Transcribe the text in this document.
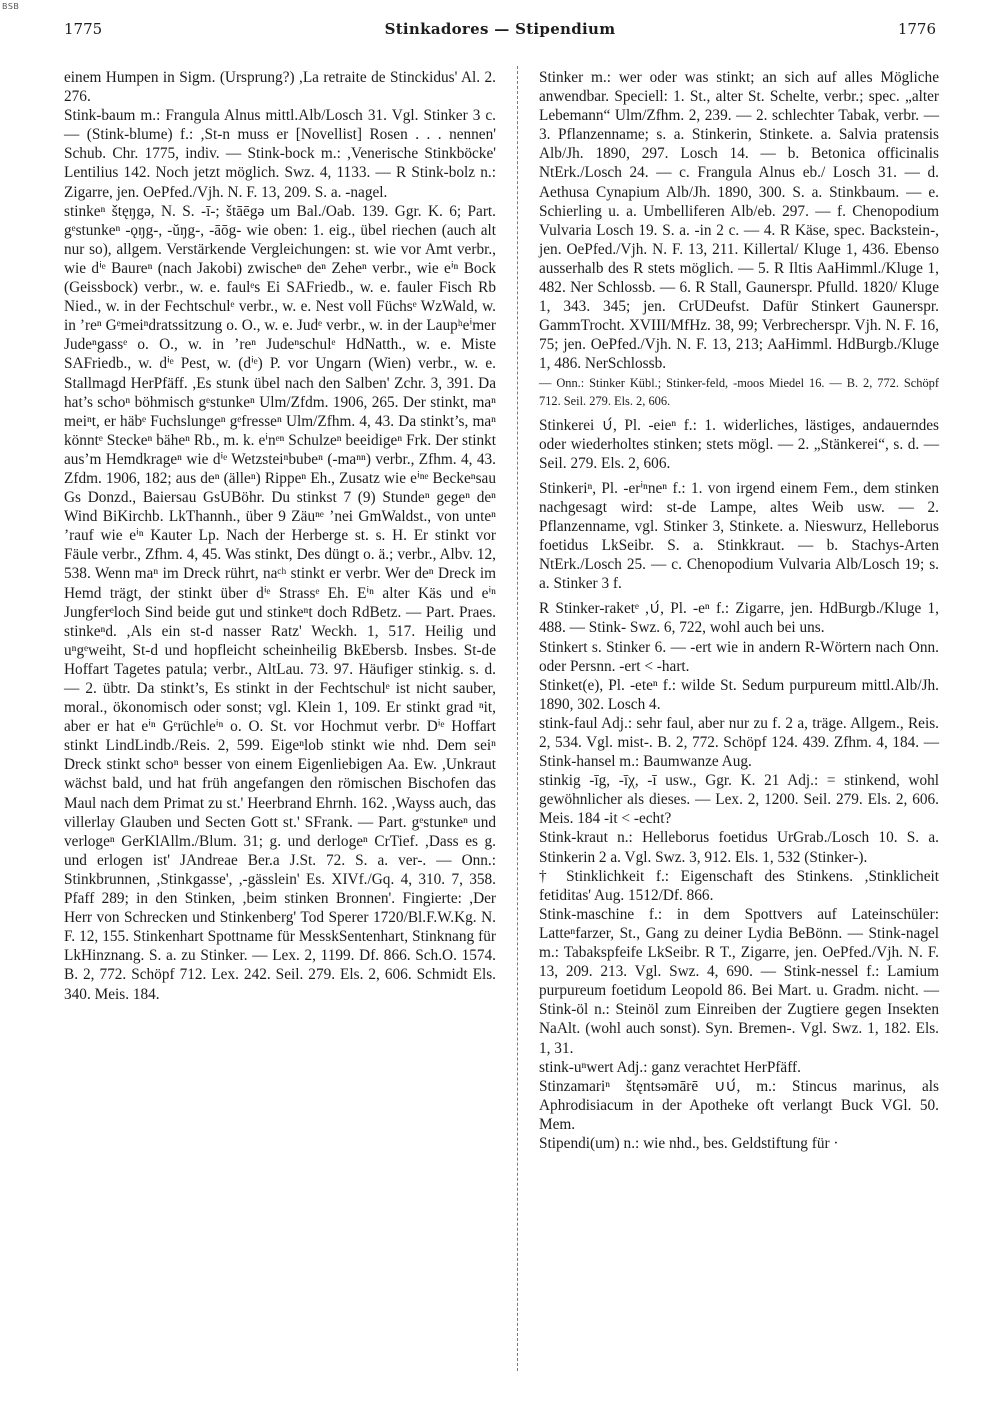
BSB
1775	Stinkadores — Stipendium	1776

einem Humpen in Sigm. (Ursprung?) ,La retraite de Stinckidus' Al. 2. 276.

Stink-baum m.: Frangula Alnus mittl.Alb/Losch 31. Vgl. Stinker 3 c. — (Stink-blume) f.: ,St-n muss er [Novellist] Rosen . . . nennen' Schub. Chr. 1775, indiv. — Stink-bock m.: ,Venerische Stinkböcke' Lentilius 142. Noch jetzt möglich. Swz. 4, 1133. — R Stink-bolz n.: Zigarre, jen. OePfed./Vjh. N. F. 13, 209. S. a. -nagel.

stinkeⁿ štęŋgə, N. S. -ī-; štāēgə um Bal./Oab. 139. Ggr. K. 6; Part. gᵉstunkeⁿ -ǫŋg-, -ŭŋg-, -āōg- wie oben: 1. eig., übel riechen (auch alt nur so), allgem. Verstärkende Vergleichungen: st. wie vor Amt verbr., wie dⁱᵉ Baureⁿ (nach Jakobi) zwischeⁿ deⁿ Zeheⁿ verbr., wie eⁱⁿ Bock (Geissbock) verbr., w. e. faulᵉs Ei SAFriedb., w. e. fauler Fisch Rb Nied., w. in der Fechtschulᵉ verbr., w. e. Nest voll Füchsᵉ WzWald, w. in ’reⁿ Gᵉmeiⁿdratssitzung o. O., w. e. Judᵉ verbr., w. in der Laupʰeⁱmer Judeⁿgassᵉ o. O., w. in ’reⁿ Judeⁿschulᵉ HdNatth., w. e. Miste SAFriedb., w. dⁱᵉ Pest, w. (dⁱᵉ) P. vor Ungarn (Wien) verbr., w. e. Stallmagd HerPfäff. ,Es stunk übel nach den Salben' Zchr. 3, 391. Da hat’s schoⁿ böhmisch gᵉstunkeⁿ Ulm/Zfdm. 1906, 265. Der stinkt, maⁿ meiⁿt, er häbᵉ Fuchslungeⁿ gᵉfresseⁿ Ulm/Zfhm. 4, 43. Da stinkt’s, maⁿ könntᵉ Steckeⁿ bäheⁿ Rb., m. k. eⁱnᵉⁿ Schulzeⁿ beeidigeⁿ Frk. Der stinkt aus’m Hemdkrageⁿ wie dⁱᵉ Wetzsteiⁿbubeⁿ (-maⁿⁿ) verbr., Zfhm. 4, 43. Zfdm. 1906, 182; aus deⁿ (älleⁿ) Rippeⁿ Eh., Zusatz wie eⁱⁿᵉ Beckeⁿsau Gs Donzd., Baiersau GsUBöhr. Du stinkst 7 (9) Stundeⁿ gegeⁿ deⁿ Wind BiKirchb. LkThannh., über 9 Zäuⁿᵉ ’nei GmWaldst., von unteⁿ ’rauf wie eⁱⁿ Kauter Lp. Nach der Herberge st. s. H. Er stinkt vor Fäule verbr., Zfhm. 4, 45. Was stinkt, Des düngt o. ä.; verbr., Albv. 12, 538. Wenn maⁿ im Dreck rührt, naᶜʰ stinkt er verbr. Wer deⁿ Dreck im Hemd trägt, der stinkt über dⁱᵉ Strassᵉ Eh. Eⁱⁿ alter Käs und eⁱⁿ Jungferᵉloch Sind beide gut und stinkeⁿt doch RdBetz. — Part. Praes. stinkeⁿd. ,Als ein st-d nasser Ratz' Weckh. 1, 517. Heilig und uⁿgᵉweiht, St-d und hopfleicht scheinheilig BkEbersb. Insbes. St-de Hoffart Tagetes patula; verbr., AltLau. 73. 97. Häufiger stinkig. s. d. — 2. übtr. Da stinkt’s, Es stinkt in der Fechtschulᵉ ist nicht sauber, moral., ökonomisch oder sonst; vgl. Klein 1, 109. Er stinkt grad ⁿit, aber er hat eⁱⁿ Gᵉrüchleⁱⁿ o. O. St. vor Hochmut verbr. Dⁱᵉ Hoffart stinkt LindLindb./Reis. 2, 599. Eigeⁿlob stinkt wie nhd. Dem seiⁿ Dreck stinkt schoⁿ besser von einem Eigenliebigen Aa. Ew. ,Unkraut wächst bald, und hat früh angefangen den römischen Bischofen das Maul nach dem Primat zu st.' Heerbrand Ehrnh. 162. ,Wayss auch, das villerlay Glauben und Secten Gott st.' SFrank. — Part. gᵉstunkeⁿ und verlogeⁿ GerKlAllm./Blum. 31; g. und derlogeⁿ CrTief. ,Dass es g. und erlogen ist' JAndreae Ber.a J.St. 72. S. a. ver-. — Onn.: Stinkbrunnen, ,Stinkgasse', ,-gässlein' Es. XIVf./Gq. 4, 310. 7, 358. Pfaff 289; in den Stinken, ,beim stinken Bronnen'. Fingierte: ,Der Herr von Schrecken und Stinkenberg' Tod Sperer 1720/Bl.F.W.Kg. N. F. 12, 155. Stinkenhart Spottname für MesskSentenhart, Stinknang für LkHinznang. S. a. zu Stinker. — Lex. 2, 1199. Df. 866. Sch.O. 1574. B. 2, 772. Schöpf 712. Lex. 242. Seil. 279. Els. 2, 606. Schmidt Els. 340. Meis. 184.

Stinker m.: wer oder was stinkt; an sich auf alles Mögliche anwendbar. Speciell: 1. St., alter St. Schelte, verbr.; spec. „alter Lebemann“ Ulm/Zfhm. 2, 239. — 2. schlechter Tabak, verbr. — 3. Pflanzenname; s. a. Stinkerin, Stinkete. a. Salvia pratensis Alb/Jh. 1890, 297. Losch 14. — b. Betonica officinalis NtErk./Losch 24. — c. Frangula Alnus eb./ Losch 31. — d. Aethusa Cynapium Alb/Jh. 1890, 300. S. a. Stinkbaum. — e. Schierling u. a. Umbelliferen Alb/eb. 297. — f. Chenopodium Vulvaria Losch 19. S. a. -in 2 c. — 4. R Käse, spec. Backstein-, jen. OePfed./Vjh. N. F. 13, 211. Killertal/ Kluge 1, 436. Ebenso ausserhalb des R stets möglich. — 5. R Iltis AaHimml./Kluge 1, 482. Ner Schlossb. — 6. R Stall, Gaunerspr. Pfulld. 1820/ Kluge 1, 343. 345; jen. CrUDeufst. Dafür Stinkert Gaunerspr. GammTrocht. XVIII/MfHz. 38, 99; Verbrecherspr. Vjh. N. F. 16, 75; jen. OePfed./Vjh. N. F. 13, 213; AaHimml. HdBurgb./Kluge 1, 486. NerSchlossb.

— Onn.: Stinker Kübl.; Stinker-feld, -moos Miedel 16. — B. 2, 772. Schöpf 712. Seil. 279. Els. 2, 606.

Stinkerei ∪́, Pl. -eieⁿ f.: 1. widerliches, lästiges, andauerndes oder wiederholtes stinken; stets mögl. — 2. „Stänkerei“, s. d. — Seil. 279. Els. 2, 606.

Stinkeriⁿ, Pl. -erⁱⁿneⁿ f.: 1. von irgend einem Fem., dem stinken nachgesagt wird: st-de Lampe, altes Weib usw. — 2. Pflanzenname, vgl. Stinker 3, Stinkete. a. Nieswurz, Helleborus foetidus LkSeibr. S. a. Stinkkraut. — b. Stachys-Arten NtErk./Losch 25. — c. Chenopodium Vulvaria Alb/Losch 19; s. a. Stinker 3 f.

R Stinker-raketᵉ ,∪́, Pl. -eⁿ f.: Zigarre, jen. HdBurgb./Kluge 1, 488. — Stink- Swz. 6, 722, wohl auch bei uns.

Stinkert s. Stinker 6. — -ert wie in andern R-Wörtern nach Onn. oder Persnn. -ert < -hart.

Stinket(e), Pl. -eteⁿ f.: wilde St. Sedum purpureum mittl.Alb/Jh. 1890, 302. Losch 4.

stink-faul Adj.: sehr faul, aber nur zu f. 2 a, träge. Allgem., Reis. 2, 534. Vgl. mist-. B. 2, 772. Schöpf 124. 439. Zfhm. 4, 184. — Stink-hansel m.: Baumwanze Aug.

stinkig -īg, -īχ, -ī usw., Ggr. K. 21 Adj.: = stinkend, wohl gewöhnlicher als dieses. — Lex. 2, 1200. Seil. 279. Els. 2, 606. Meis. 184 -it < -echt?

Stink-kraut n.: Helleborus foetidus UrGrab./Losch 10. S. a. Stinkerin 2 a. Vgl. Swz. 3, 912. Els. 1, 532 (Stinker-).

† Stinklichkeit f.: Eigenschaft des Stinkens. ,Stinklicheit fetiditas' Aug. 1512/Df. 866.

Stink-maschine f.: in dem Spottvers auf Lateinschüler: Latteⁿfarzer, St., Gang zu deiner Lydia BeBönn. — Stink-nagel m.: Tabakspfeife LkSeibr. R T., Zigarre, jen. OePfed./Vjh. N. F. 13, 209. 213. Vgl. Swz. 4, 690. — Stink-nessel f.: Lamium purpureum foetidum Leopold 86. Bei Mart. u. Gradm. nicht. — Stink-öl n.: Steinöl zum Einreiben der Zugtiere gegen Insekten NaAlt. (wohl auch sonst). Syn. Bremen-. Vgl. Swz. 1, 182. Els. 1, 31.

stink-uⁿwert Adj.: ganz verachtet HerPfäff.

Stinzamariⁿ štęntsəmārē ∪∪́, m.: Stincus marinus, als Aphrodisiacum in der Apotheke oft verlangt Buck VGl. 50. Mem.

Stipendi(um) n.: wie nhd., bes. Geldstiftung für ·
